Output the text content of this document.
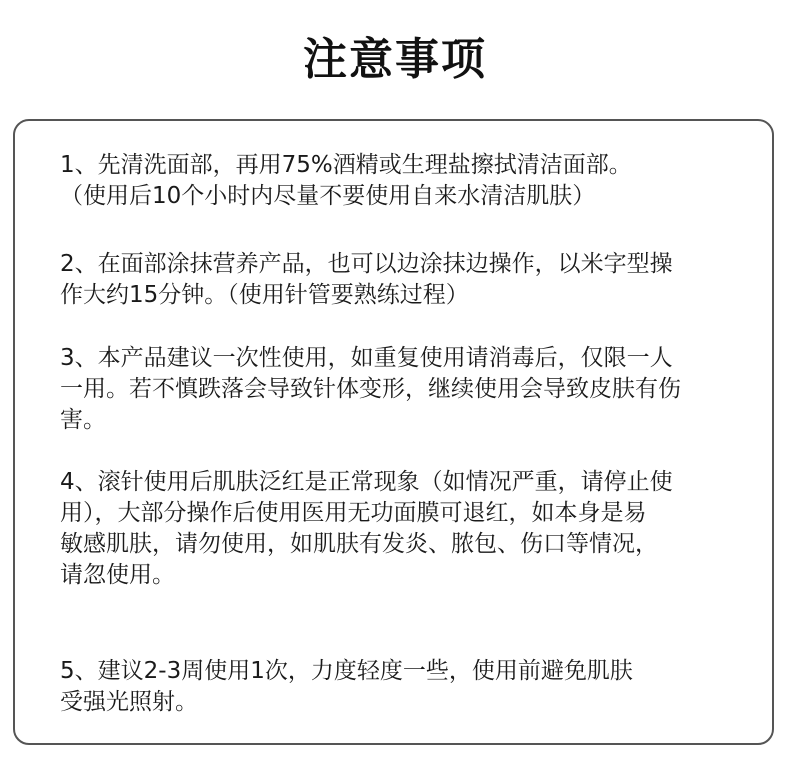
注意事项
1、先清洗面部，再用75%酒精或生理盐擦拭清洁面部。
（使用后10个小时内尽量不要使用自来水清洁肌肤）
2、在面部涂抹营养产品，也可以边涂抹边操作，以米字型操
作大约15分钟。（使用针管要熟练过程）
3、本产品建议一次性使用，如重复使用请消毒后，仅限一人
一用。若不慎跌落会导致针体变形，继续使用会导致皮肤有伤
害。
4、滚针使用后肌肤泛红是正常现象（如情况严重，请停止使
用），大部分操作后使用医用无功面膜可退红，如本身是易
敏感肌肤，请勿使用，如肌肤有发炎、脓包、伤口等情况，
请忽使用。
5、建议2-3周使用1次，力度轻度一些，使用前避免肌肤
受强光照射。
